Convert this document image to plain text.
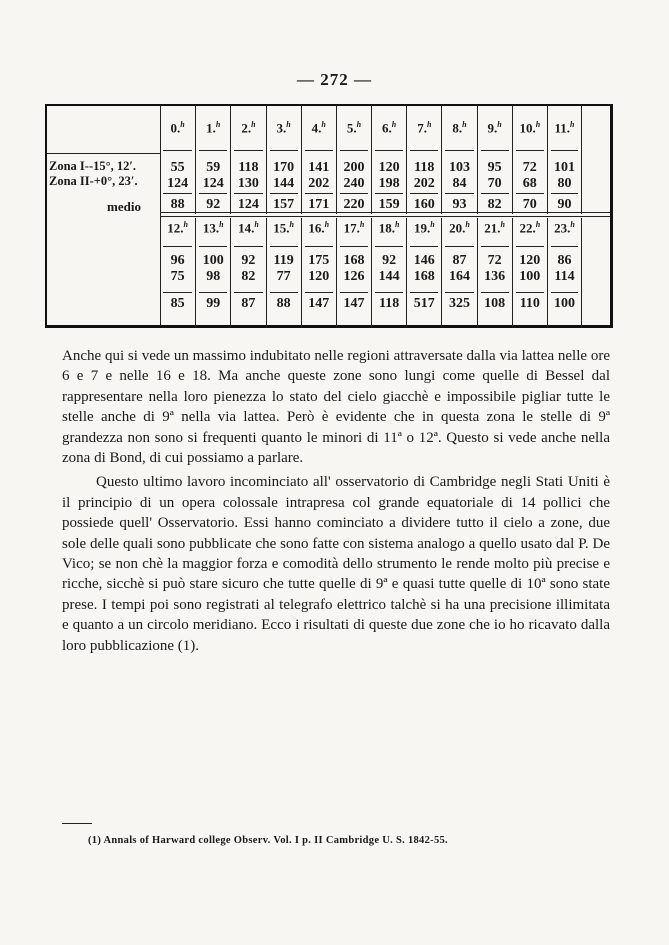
— 272 —
Zona I--15°, 12′.
Zona II-+0°, 23′.
medio
0.$^h$
55
124
88
1.$^h$
59
124
92
2.$^h$
118
130
124
3.$^h$
170
144
157
4.$^h$
141
202
171
5.$^h$
200
240
220
6.$^h$
120
198
159
7.$^h$
118
202
160
8.$^h$
103
84
93
9.$^h$
95
70
82
10.$^h$
72
68
70
11.$^h$
101
80
90
12.$^h$
96
75
85
13.$^h$
100
98
99
14.$^h$
92
82
87
15.$^h$
119
77
88
16.$^h$
175
120
147
17.$^h$
168
126
147
18.$^h$
92
144
118
19.$^h$
146
168
517
20.$^h$
87
164
325
21.$^h$
72
136
108
22.$^h$
120
100
110
23.$^h$
86
114
100

Anche qui si vede un massimo indubitato nelle regioni attraversate dalla via lattea nelle ore 6 e 7 e nelle 16 e 18. Ma anche queste zone sono lungi come quelle di Bessel dal rappresentare nella loro pienezza lo stato del cielo giacchè e impossibile pigliar tutte le stelle anche di 9ª nella via lattea. Però è evidente che in questa zona le stelle di 9ª grandezza non sono si frequenti quanto le minori di 11ª o 12ª. Questo si vede anche nella zona di Bond, di cui possiamo a parlare.

Questo ultimo lavoro incominciato all' osservatorio di Cambridge negli Stati Uniti è il principio di un opera colossale intrapresa col grande equatoriale di 14 pollici che possiede quell' Osservatorio. Essi hanno cominciato a dividere tutto il cielo a zone, due sole delle quali sono pubblicate che sono fatte con sistema analogo a quello usato dal P. De Vico; se non chè la maggior forza e comodità dello strumento le rende molto più precise e ricche, sicchè si può stare sicuro che tutte quelle di 9ª e quasi tutte quelle di 10ª sono state prese. I tempi poi sono registrati al telegrafo elettrico talchè si ha una precisione illimitata e quanto a un circolo meridiano. Ecco i risultati di queste due zone che io ho ricavato dalla loro pubblicazione (1).

(1) Annals of Harward college Observ. Vol. I p. II Cambridge U. S. 1842-55.
